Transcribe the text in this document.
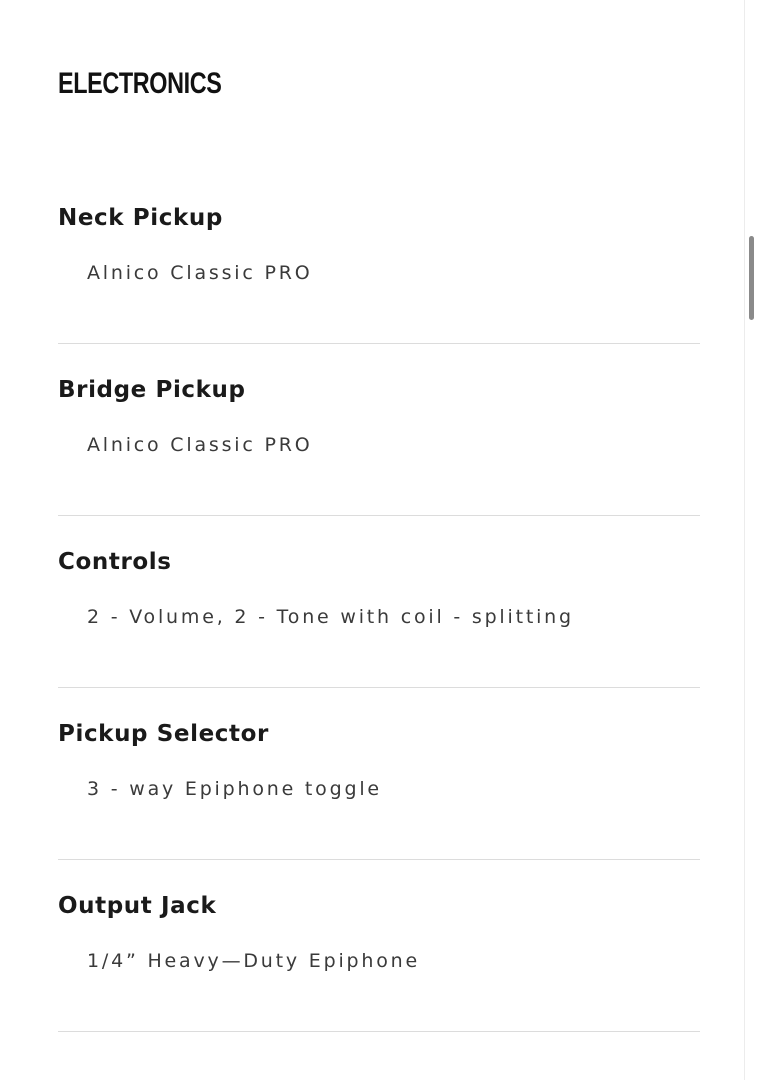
ELECTRONICS
Neck Pickup

Alnico Classic PRO

Bridge Pickup

Alnico Classic PRO

Controls

2 - Volume, 2 - Tone with coil - splitting

Pickup Selector

3 - way Epiphone toggle

Output Jack

1/4” Heavy—Duty Epiphone
